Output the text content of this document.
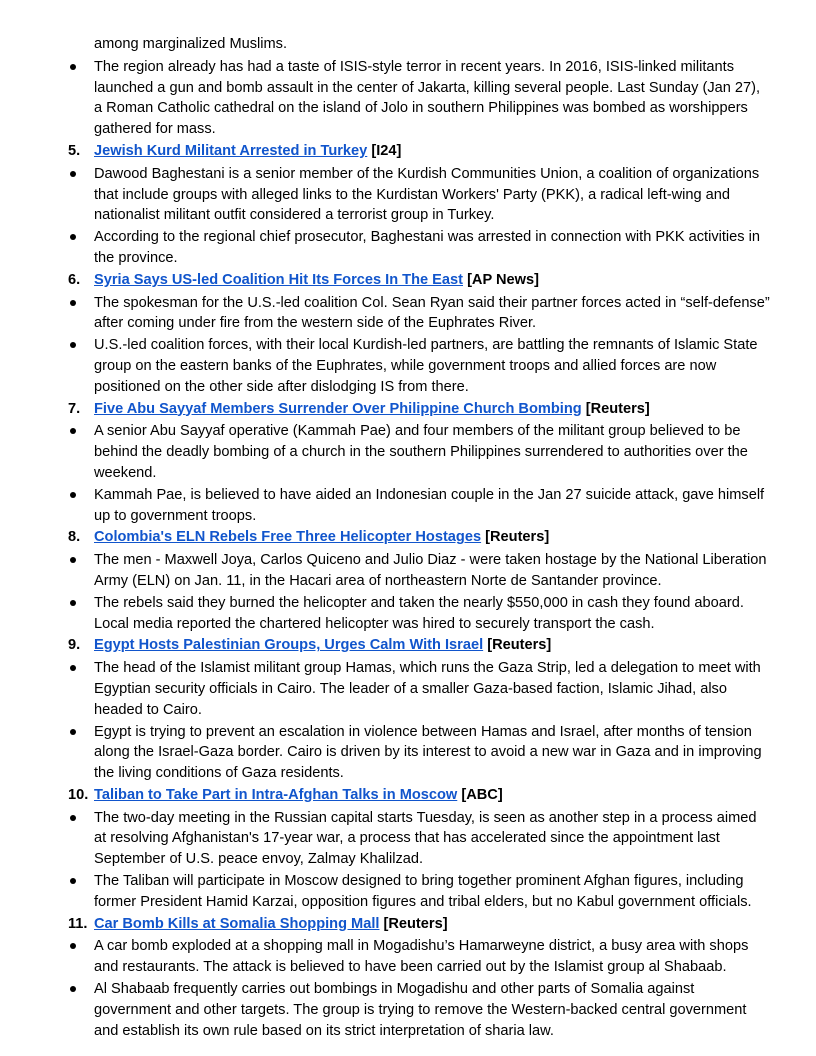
among marginalized Muslims.
The region already has had a taste of ISIS-style terror in recent years. In 2016, ISIS-linked militants launched a gun and bomb assault in the center of Jakarta, killing several people. Last Sunday (Jan 27), a Roman Catholic cathedral on the island of Jolo in southern Philippines was bombed as worshippers gathered for mass.
5. Jewish Kurd Militant Arrested in Turkey [I24]
Dawood Baghestani is a senior member of the Kurdish Communities Union, a coalition of organizations that include groups with alleged links to the Kurdistan Workers' Party (PKK), a radical left-wing and nationalist militant outfit considered a terrorist group in Turkey.
According to the regional chief prosecutor, Baghestani was arrested in connection with PKK activities in the province.
6. Syria Says US-led Coalition Hit Its Forces In The East [AP News]
The spokesman for the U.S.-led coalition Col. Sean Ryan said their partner forces acted in “self-defense” after coming under fire from the western side of the Euphrates River.
U.S.-led coalition forces, with their local Kurdish-led partners, are battling the remnants of Islamic State group on the eastern banks of the Euphrates, while government troops and allied forces are now positioned on the other side after dislodging IS from there.
7. Five Abu Sayyaf Members Surrender Over Philippine Church Bombing [Reuters]
A senior Abu Sayyaf operative (Kammah Pae) and four members of the militant group believed to be behind the deadly bombing of a church in the southern Philippines surrendered to authorities over the weekend.
Kammah Pae, is believed to have aided an Indonesian couple in the Jan 27 suicide attack, gave himself up to government troops.
8. Colombia's ELN Rebels Free Three Helicopter Hostages [Reuters]
The men - Maxwell Joya, Carlos Quiceno and Julio Diaz - were taken hostage by the National Liberation Army (ELN) on Jan. 11, in the Hacari area of northeastern Norte de Santander province.
The rebels said they burned the helicopter and taken the nearly $550,000 in cash they found aboard. Local media reported the chartered helicopter was hired to securely transport the cash.
9. Egypt Hosts Palestinian Groups, Urges Calm With Israel [Reuters]
The head of the Islamist militant group Hamas, which runs the Gaza Strip, led a delegation to meet with Egyptian security officials in Cairo. The leader of a smaller Gaza-based faction, Islamic Jihad, also headed to Cairo.
Egypt is trying to prevent an escalation in violence between Hamas and Israel, after months of tension along the Israel-Gaza border. Cairo is driven by its interest to avoid a new war in Gaza and in improving the living conditions of Gaza residents.
10. Taliban to Take Part in Intra-Afghan Talks in Moscow [ABC]
The two-day meeting in the Russian capital starts Tuesday, is seen as another step in a process aimed at resolving Afghanistan's 17-year war, a process that has accelerated since the appointment last September of U.S. peace envoy, Zalmay Khalilzad.
The Taliban will participate in Moscow designed to bring together prominent Afghan figures, including former President Hamid Karzai, opposition figures and tribal elders, but no Kabul government officials.
11. Car Bomb Kills at Somalia Shopping Mall [Reuters]
A car bomb exploded at a shopping mall in Mogadishu’s Hamarweyne district, a busy area with shops and restaurants. The attack is believed to have been carried out by the Islamist group al Shabaab.
Al Shabaab frequently carries out bombings in Mogadishu and other parts of Somalia against government and other targets. The group is trying to remove the Western-backed central government and establish its own rule based on its strict interpretation of sharia law.
